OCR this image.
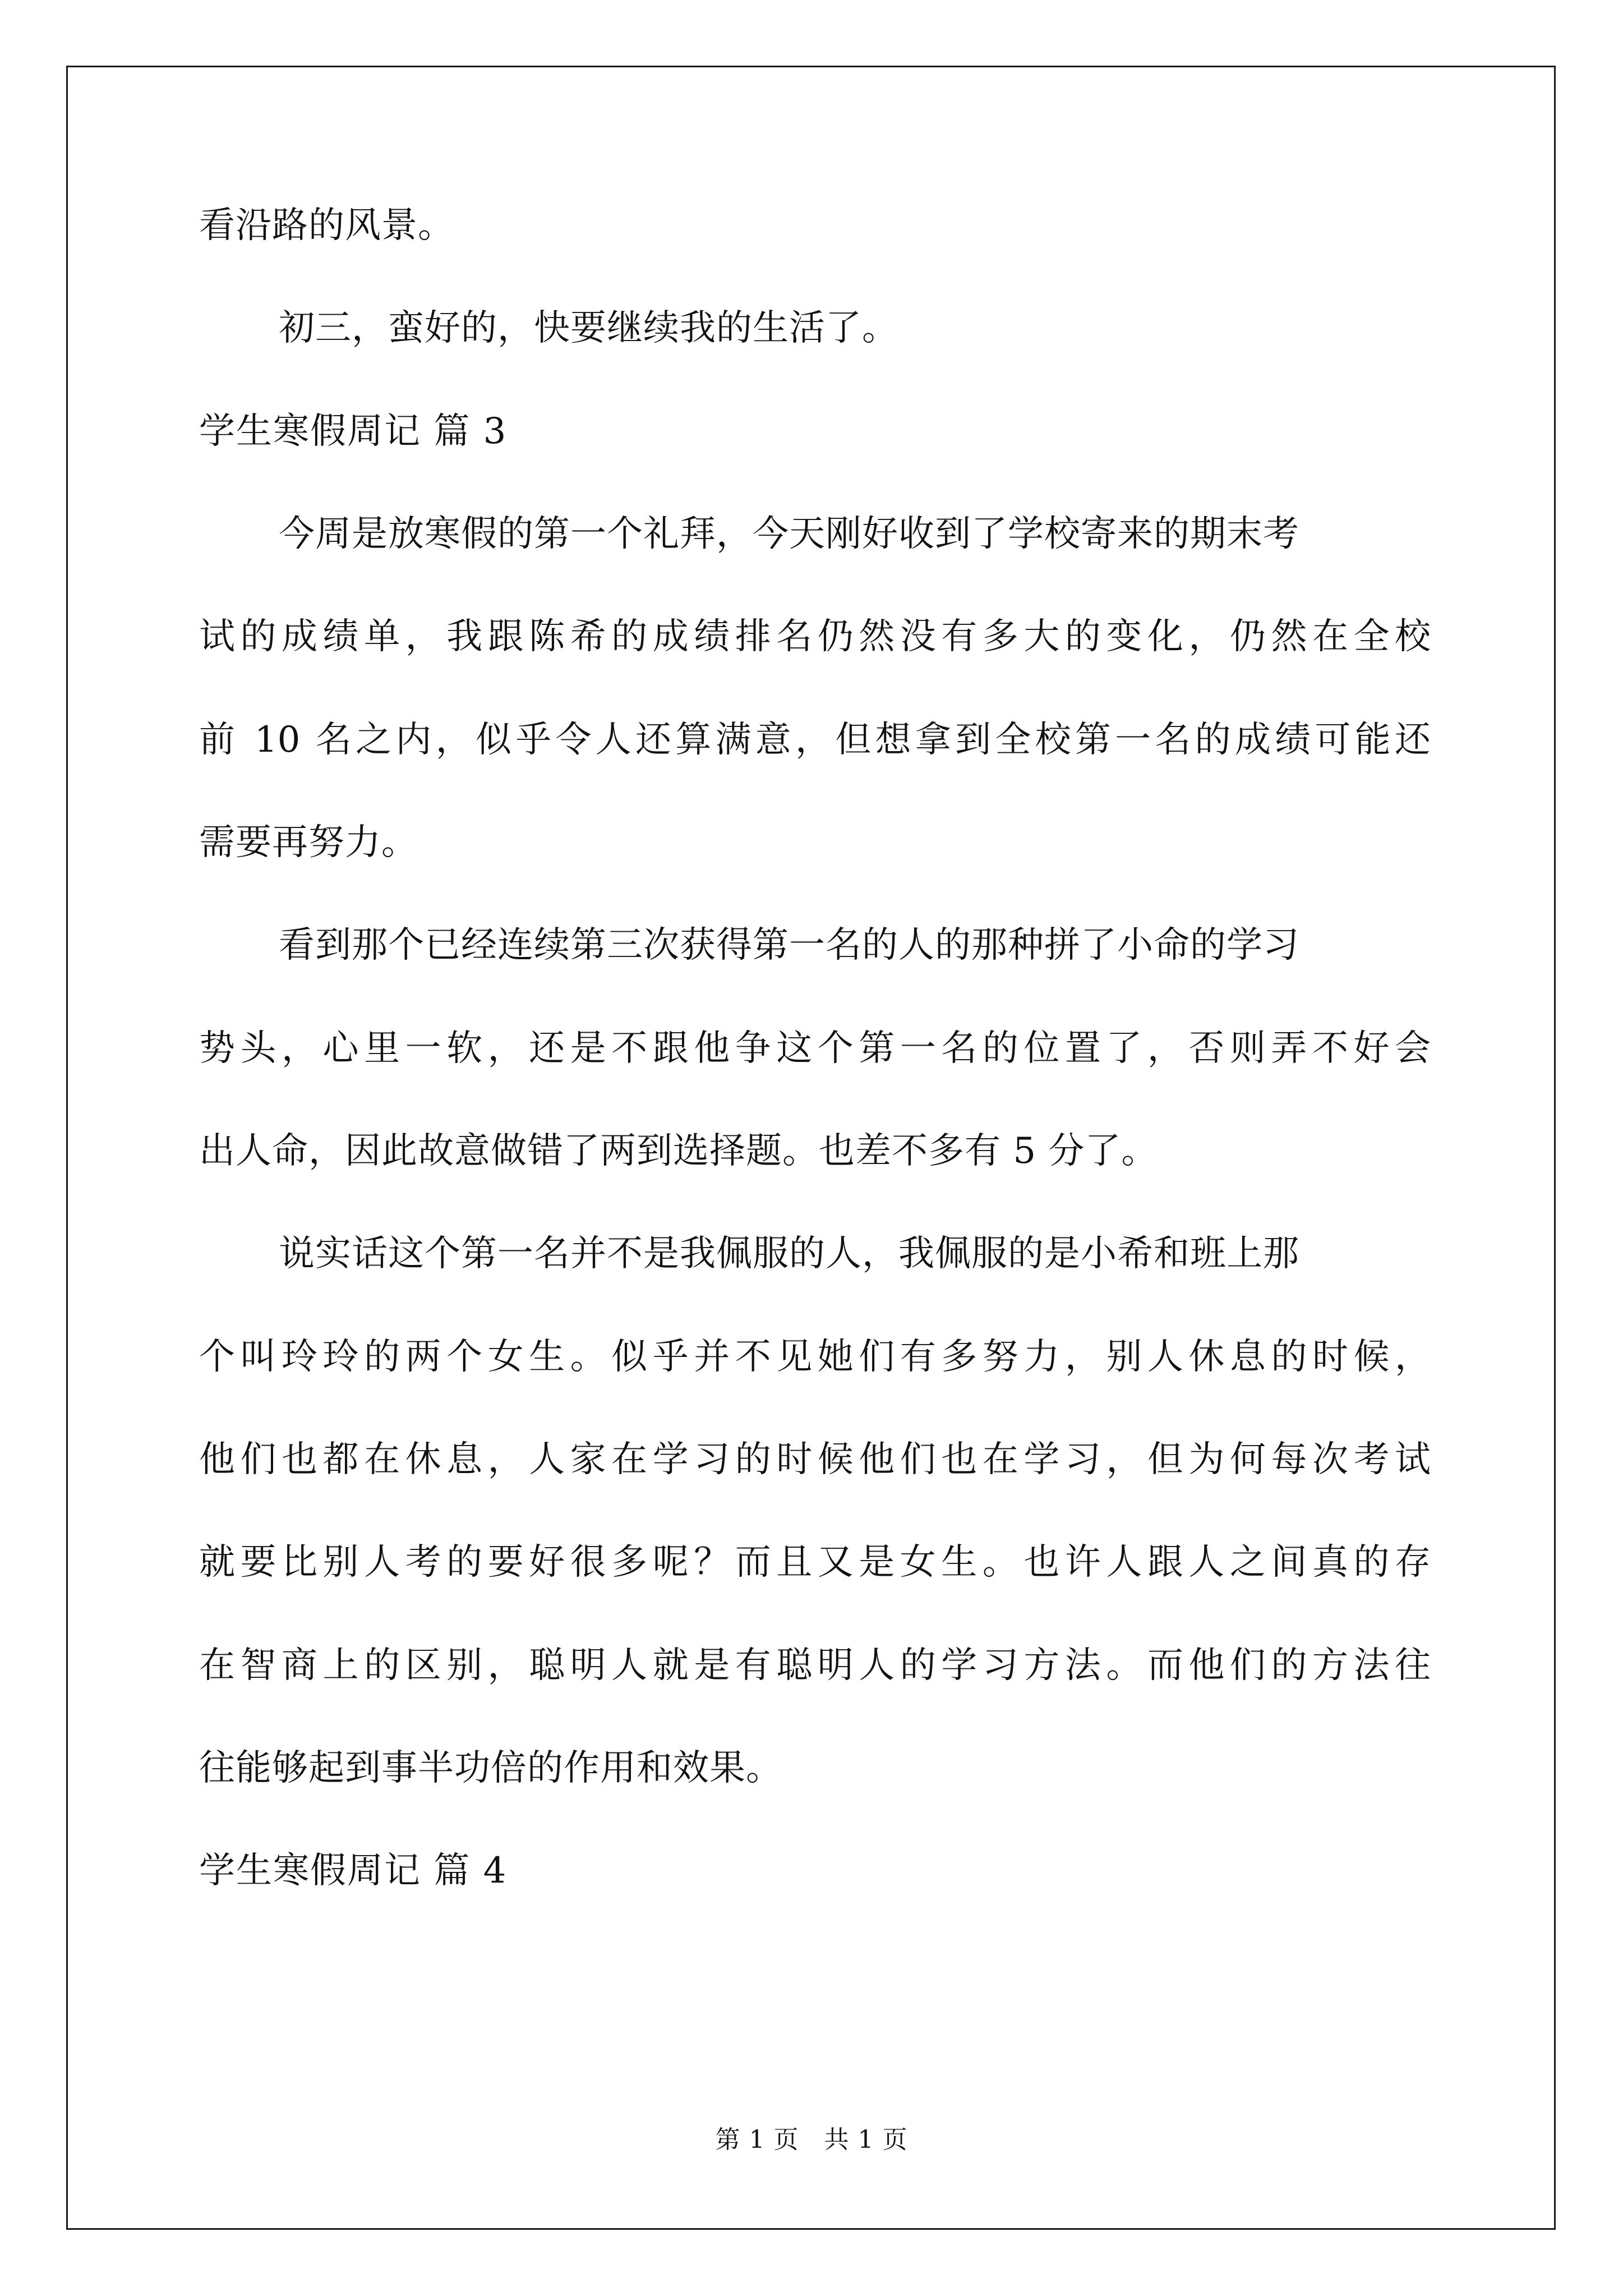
看沿路的风景。
初三，蛮好的，快要继续我的生活了。
学生寒假周记 篇 3
今周是放寒假的第一个礼拜，今天刚好收到了学校寄来的期末考
试的成绩单，我跟陈希的成绩排名仍然没有多大的变化，仍然在全校
前 10 名之内，似乎令人还算满意，但想拿到全校第一名的成绩可能还
需要再努力。
看到那个已经连续第三次获得第一名的人的那种拼了小命的学习
势头，心里一软，还是不跟他争这个第一名的位置了，否则弄不好会
出人命，因此故意做错了两到选择题。也差不多有 5 分了。
说实话这个第一名并不是我佩服的人，我佩服的是小希和班上那
个叫玲玲的两个女生。似乎并不见她们有多努力，别人休息的时候，
他们也都在休息，人家在学习的时候他们也在学习，但为何每次考试
就要比别人考的要好很多呢？而且又是女生。也许人跟人之间真的存
在智商上的区别，聪明人就是有聪明人的学习方法。而他们的方法往
往能够起到事半功倍的作用和效果。
学生寒假周记 篇 4
第 1 页　共 1 页
